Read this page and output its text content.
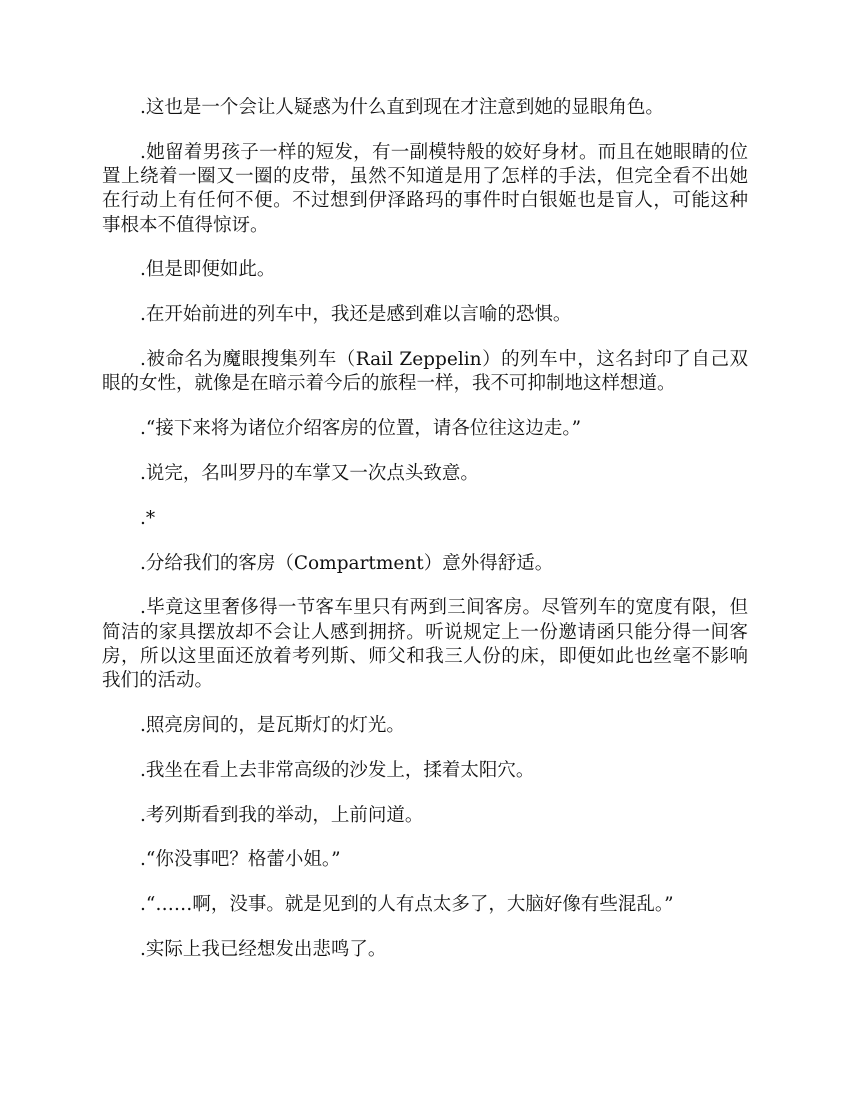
.这也是一个会让人疑惑为什么直到现在才注意到她的显眼角色。

.她留着男孩子一样的短发，有一副模特般的姣好身材。而且在她眼睛的位置上绕着一圈又一圈的皮带，虽然不知道是用了怎样的手法，但完全看不出她在行动上有任何不便。不过想到伊泽路玛的事件时白银姬也是盲人，可能这种事根本不值得惊讶。

.但是即便如此。

.在开始前进的列车中，我还是感到难以言喻的恐惧。

.被命名为魔眼搜集列车（Rail Zeppelin）的列车中，这名封印了自己双眼的女性，就像是在暗示着今后的旅程一样，我不可抑制地这样想道。

.“接下来将为诸位介绍客房的位置，请各位往这边走。”

.说完，名叫罗丹的车掌又一次点头致意。

.*

.分给我们的客房（Compartment）意外得舒适。

.毕竟这里奢侈得一节客车里只有两到三间客房。尽管列车的宽度有限，但简洁的家具摆放却不会让人感到拥挤。听说规定上一份邀请函只能分得一间客房，所以这里面还放着考列斯、师父和我三人份的床，即便如此也丝毫不影响我们的活动。

.照亮房间的，是瓦斯灯的灯光。

.我坐在看上去非常高级的沙发上，揉着太阳穴。

.考列斯看到我的举动，上前问道。

.“你没事吧？格蕾小姐。”

.“……啊，没事。就是见到的人有点太多了，大脑好像有些混乱。”

.实际上我已经想发出悲鸣了。
